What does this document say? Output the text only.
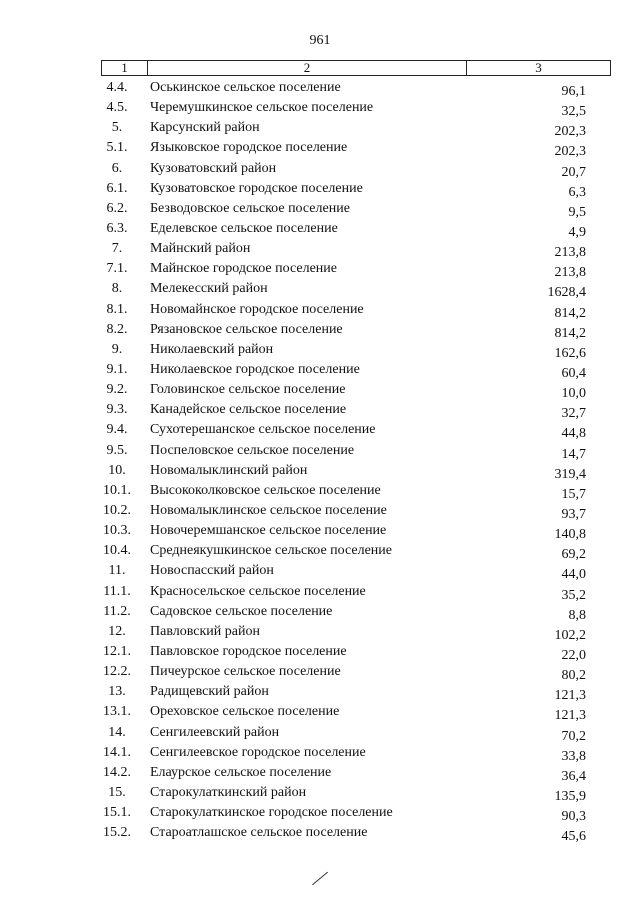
961
1	2	3
4.4.	Оськинское сельское поселение	96,1
4.5.	Черемушкинское сельское поселение	32,5
5.	Карсунский район	202,3
5.1.	Языковское городское поселение	202,3
6.	Кузоватовский район	20,7
6.1.	Кузоватовское городское поселение	6,3
6.2.	Безводовское сельское поселение	9,5
6.3.	Еделевское сельское поселение	4,9
7.	Майнский район	213,8
7.1.	Майнское городское поселение	213,8
8.	Мелекесский район	1628,4
8.1.	Новомайнское городское поселение	814,2
8.2.	Рязановское сельское поселение	814,2
9.	Николаевский район	162,6
9.1.	Николаевское городское поселение	60,4
9.2.	Головинское сельское поселение	10,0
9.3.	Канадейское сельское поселение	32,7
9.4.	Сухотерешанское сельское поселение	44,8
9.5.	Поспеловское сельское поселение	14,7
10.	Новомалыклинский район	319,4
10.1.	Высококолковское сельское поселение	15,7
10.2.	Новомалыклинское сельское поселение	93,7
10.3.	Новочеремшанское сельское поселение	140,8
10.4.	Среднеякушкинское сельское поселение	69,2
11.	Новоспасский район	44,0
11.1.	Красносельское сельское поселение	35,2
11.2.	Садовское сельское поселение	8,8
12.	Павловский район	102,2
12.1.	Павловское городское поселение	22,0
12.2.	Пичеурское сельское поселение	80,2
13.	Радищевский район	121,3
13.1.	Ореховское сельское поселение	121,3
14.	Сенгилеевский район	70,2
14.1.	Сенгилеевское городское поселение	33,8
14.2.	Елаурское сельское поселение	36,4
15.	Старокулаткинский район	135,9
15.1.	Старокулаткинское городское поселение	90,3
15.2.	Староатлашское сельское поселение	45,6
